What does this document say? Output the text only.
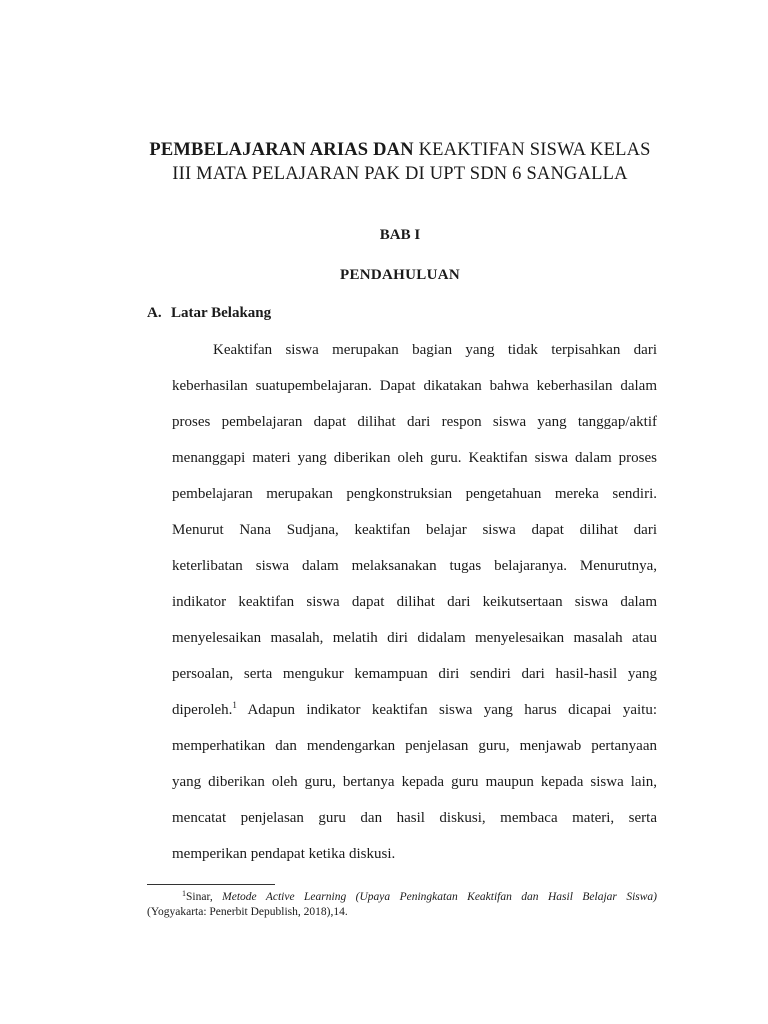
PEMBELAJARAN ARIAS DAN KEAKTIFAN SISWA KELAS
III MATA PELAJARAN PAK DI UPT SDN 6 SANGALLA
BAB I
PENDAHULUAN
A. Latar Belakang
Keaktifan siswa merupakan bagian yang tidak terpisahkan dari
keberhasilan suatupembelajaran. Dapat dikatakan bahwa keberhasilan dalam
proses pembelajaran dapat dilihat dari respon siswa yang tanggap/aktif
menanggapi materi yang diberikan oleh guru. Keaktifan siswa dalam proses
pembelajaran merupakan pengkonstruksian pengetahuan mereka sendiri.
Menurut Nana Sudjana, keaktifan belajar siswa dapat dilihat dari
keterlibatan siswa dalam melaksanakan tugas belajaranya. Menurutnya,
indikator keaktifan siswa dapat dilihat dari keikutsertaan siswa dalam
menyelesaikan masalah, melatih diri didalam menyelesaikan masalah atau
persoalan, serta mengukur kemampuan diri sendiri dari hasil-hasil yang
diperoleh.$^1$ Adapun indikator keaktifan siswa yang harus dicapai yaitu:
memperhatikan dan mendengarkan penjelasan guru, menjawab pertanyaan
yang diberikan oleh guru, bertanya kepada guru maupun kepada siswa lain,
mencatat penjelasan guru dan hasil diskusi, membaca materi, serta
memperikan pendapat ketika diskusi.
$^1$Sinar, Metode Active Learning (Upaya Peningkatan Keaktifan dan Hasil Belajar Siswa)
(Yogyakarta: Penerbit Depublish, 2018),14.
